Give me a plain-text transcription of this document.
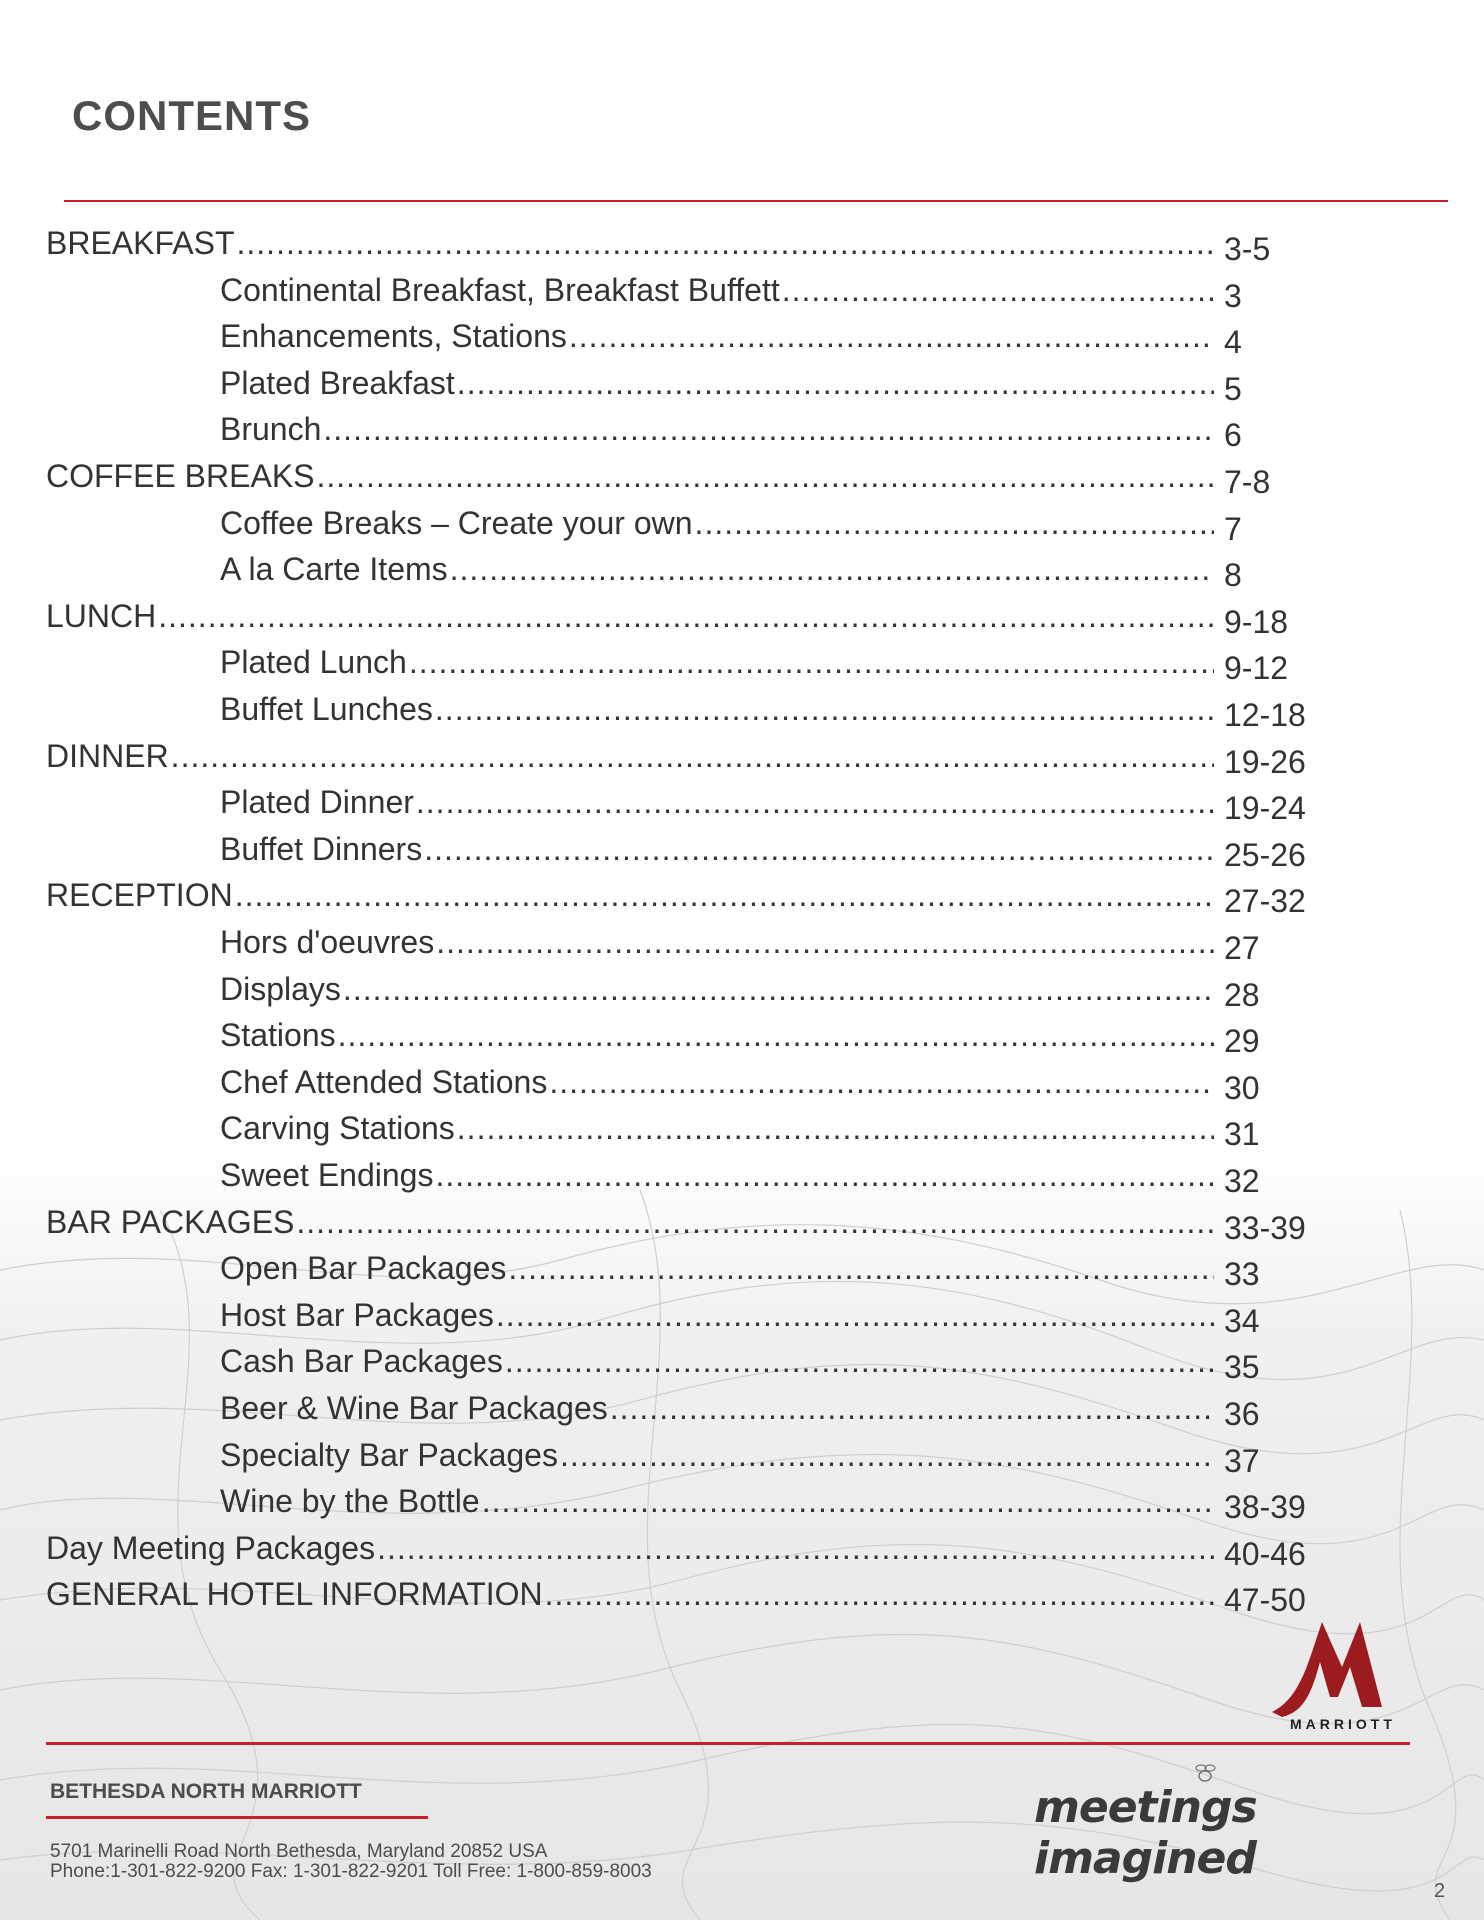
CONTENTS
BREAKFAST .....	3-5
Continental Breakfast, Breakfast Buffett .....	3
Enhancements, Stations .....	4
Plated Breakfast .....	5
Brunch .....	6
COFFEE BREAKS .....	7-8
Coffee Breaks – Create your own .....	7
A la Carte Items .....	8
LUNCH .....	9-18
Plated Lunch .....	9-12
Buffet Lunches .....	12-18
DINNER .....	19-26
Plated Dinner .....	19-24
Buffet Dinners .....	25-26
RECEPTION .....	27-32
Hors d'oeuvres .....	27
Displays .....	28
Stations .....	29
Chef Attended Stations .....	30
Carving Stations .....	31
Sweet Endings .....	32
BAR PACKAGES .....	33-39
Open Bar Packages .....	33
Host Bar Packages .....	34
Cash Bar Packages .....	35
Beer & Wine Bar Packages .....	36
Specialty Bar Packages .....	37
Wine by the Bottle .....	38-39
Day Meeting Packages .....	40-46
GENERAL HOTEL INFORMATION .....	47-50
MARRIOTT
BETHESDA NORTH MARRIOTT
5701 Marinelli Road North Bethesda, Maryland 20852 USA
Phone:1-301-822-9200 Fax: 1-301-822-9201 Toll Free: 1-800-859-8003
meetings imagined
2
